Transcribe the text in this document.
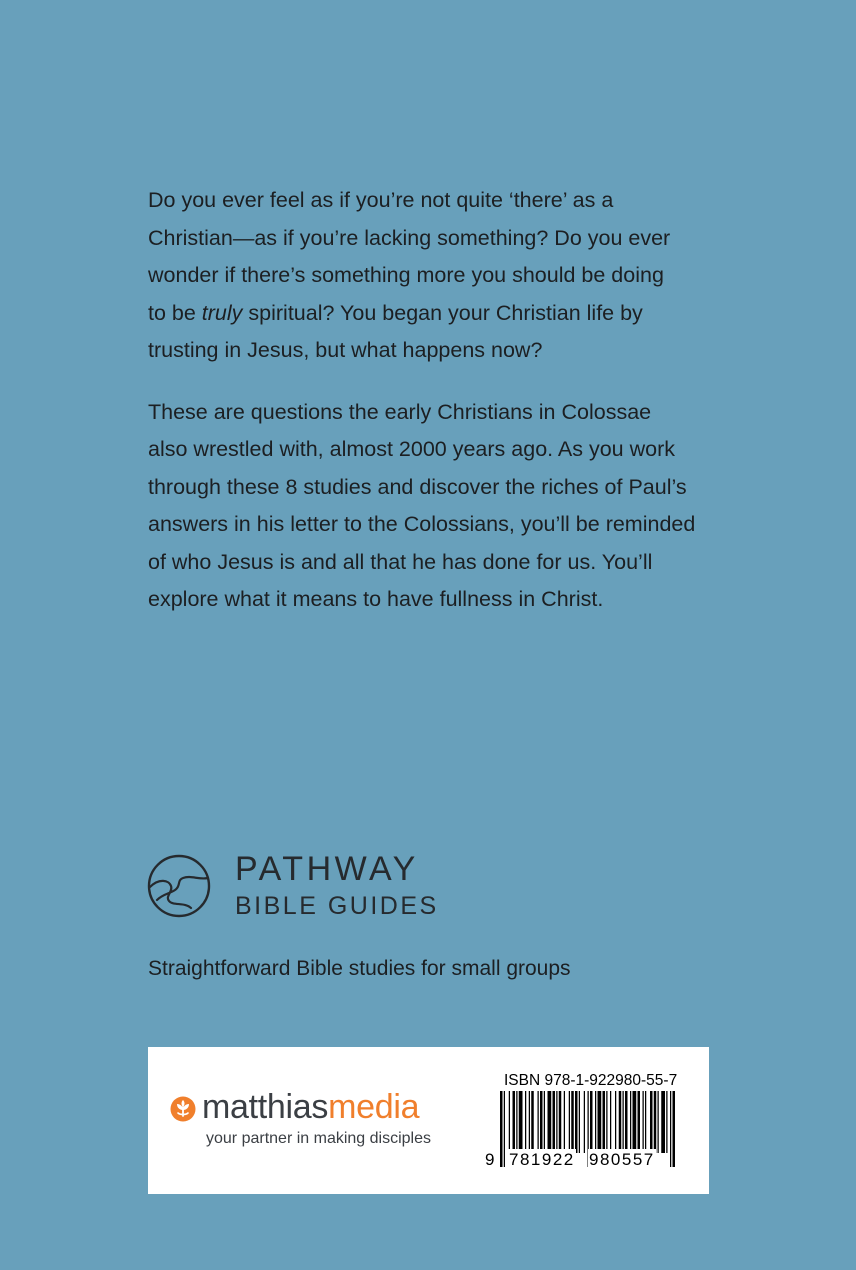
Do you ever feel as if you’re not quite ‘there’ as a
Christian—as if you’re lacking something? Do you ever
wonder if there’s something more you should be doing
to be truly spiritual? You began your Christian life by
trusting in Jesus, but what happens now?

These are questions the early Christians in Colossae
also wrestled with, almost 2000 years ago. As you work
through these 8 studies and discover the riches of Paul’s
answers in his letter to the Colossians, you’ll be reminded
of who Jesus is and all that he has done for us. You’ll
explore what it means to have fullness in Christ.

PATHWAY
BIBLE GUIDES
Straightforward Bible studies for small groups
matthiasmedia
your partner in making disciples
ISBN 978-1-922980-55-7
9 781922 980557
